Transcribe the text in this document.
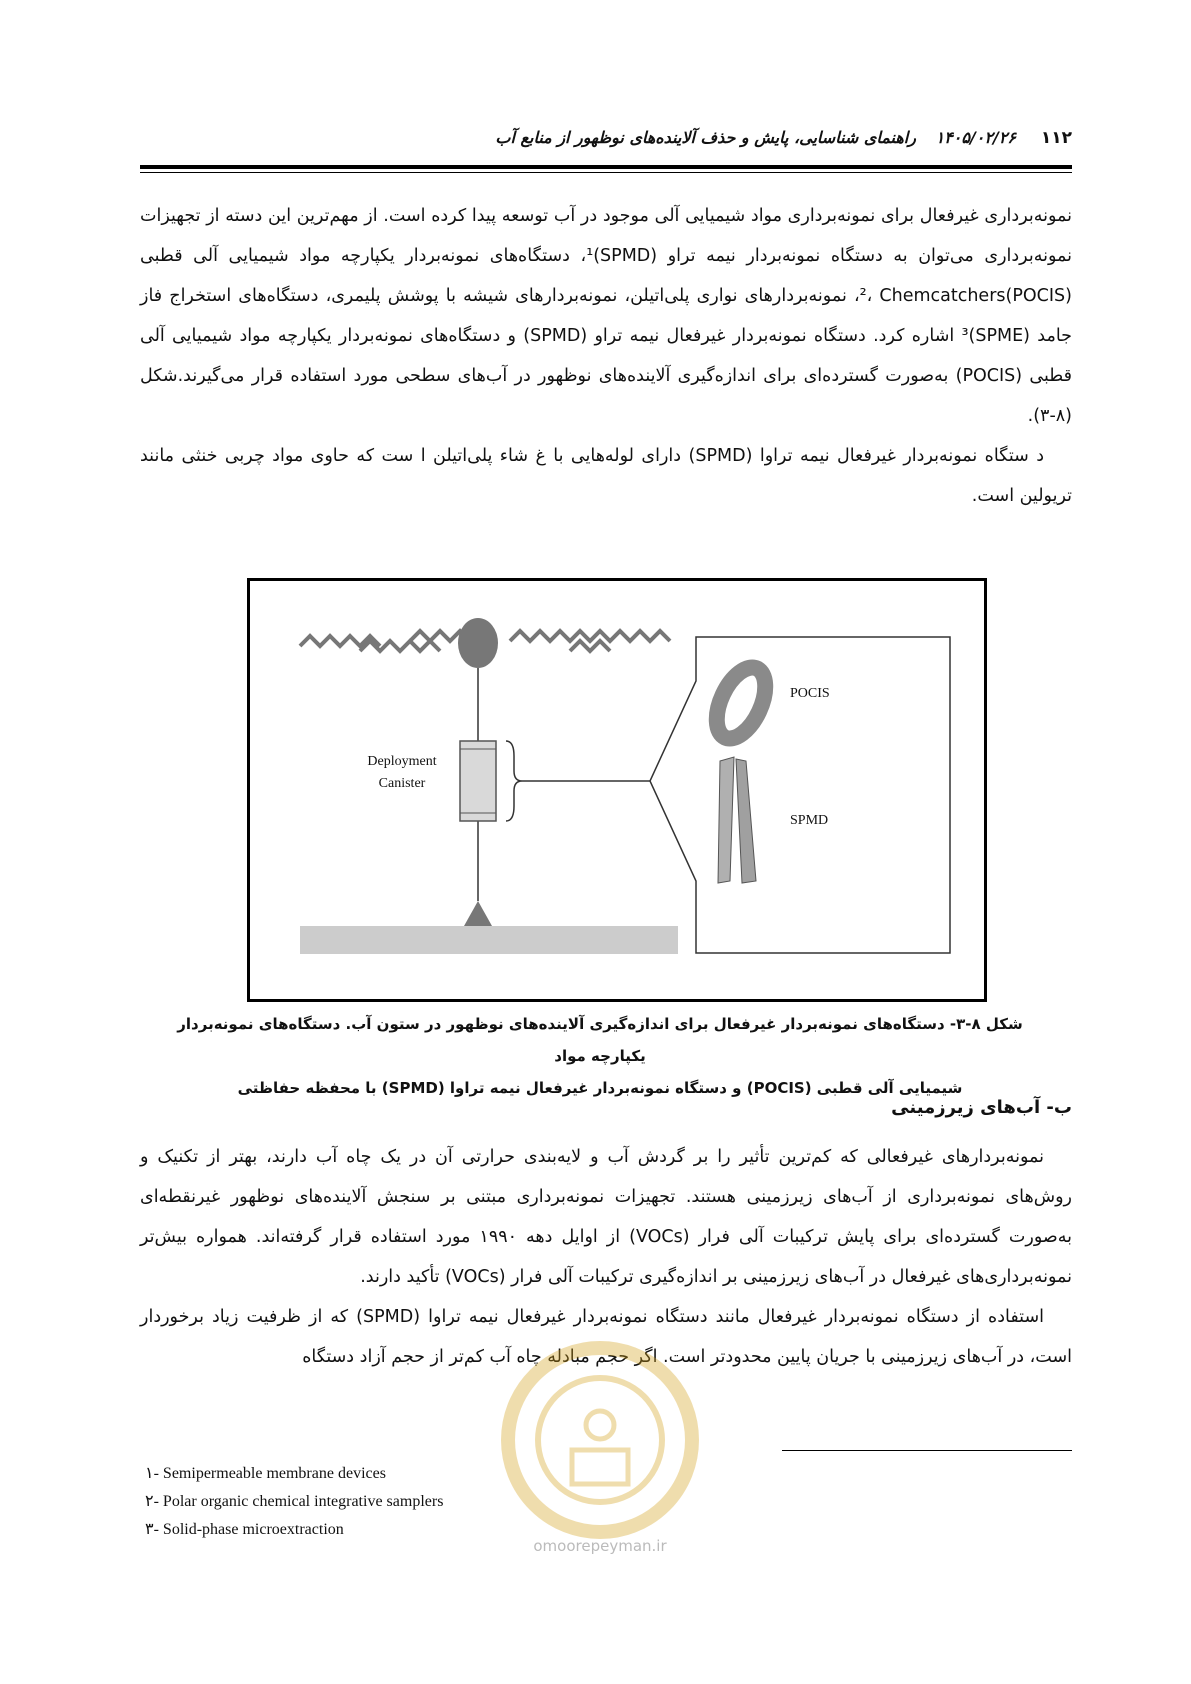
۱۱۲
۱۴۰۵/۰۲/۲۶ راهنمای شناسایی، پایش و حذف آلاینده‌های نوظهور از منابع آب

نمونه‌برداری غیرفعال برای نمونه‌برداری مواد شیمیایی آلی موجود در آب توسعه پیدا کرده است. از مهم‌ترین این دسته از تجهیزات نمونه‌برداری می‌توان به دستگاه نمونه‌بردار نیمه تراو (SPMD)¹، دستگاه‌های نمونه‌بردار یکپارچه مواد شیمیایی آلی قطبی (POCIS)²، Chemcatchers، نمونه‌بردارهای نواری پلی‌اتیلن، نمونه‌بردارهای شیشه با پوشش پلیمری، دستگاه‌های استخراج فاز جامد (SPME)³ اشاره کرد. دستگاه نمونه‌بردار غیرفعال نیمه تراو (SPMD) و دستگاه‌های نمونه‌بردار یکپارچه مواد شیمیایی آلی قطبی (POCIS) به‌صورت گسترده‌ای برای اندازه‌گیری آلاینده‌های نوظهور در آب‌های سطحی مورد استفاده قرار می‌گیرند.شکل (۸-۳).

د ستگاه نمونه‌بردار غیرفعال نیمه تراوا (SPMD) دارای لوله‌هایی با غ شاء پلی‌اتیلن ا ست که حاوی مواد چربی خنثی مانند تریولین است.

Deployment
Canister
POCIS
SPMD
شکل ۸-۳- دستگاه‌های نمونه‌بردار غیرفعال برای اندازه‌گیری آلاینده‌های نوظهور در ستون آب. دستگاه‌های نمونه‌بردار یکپارچه مواد
شیمیایی آلی قطبی (POCIS) و دستگاه نمونه‌بردار غیرفعال نیمه تراوا (SPMD) با محفظه حفاظتی
ب- آب‌های زیرزمینی

نمونه‌بردارهای غیرفعالی که کم‌ترین تأثیر را بر گردش آب و لایه‌بندی حرارتی آن در یک چاه آب دارند، بهتر از تکنیک و روش‌های نمونه‌برداری از آب‌های زیرزمینی هستند. تجهیزات نمونه‌برداری مبتنی بر سنجش آلاینده‌های نوظهور غیرنقطه‌ای به‌صورت گسترده‌ای برای پایش ترکیبات آلی فرار (VOCs) از اوایل دهه ۱۹۹۰ مورد استفاده قرار گرفته‌اند. همواره بیش‌تر نمونه‌برداری‌های غیرفعال در آب‌های زیرزمینی بر اندازه‌گیری ترکیبات آلی فرار (VOCs) تأکید دارند.

استفاده از دستگاه نمونه‌بردار غیرفعال مانند دستگاه نمونه‌بردار غیرفعال نیمه تراوا (SPMD) که از ظرفیت زیاد برخوردار است، در آب‌های زیرزمینی با جریان پایین محدودتر است. اگر حجم مبادله چاه آب کم‌تر از حجم آزاد دستگاه

omoorepeyman.ir
۱- Semipermeable membrane devices
۲- Polar organic chemical integrative samplers
۳- Solid-phase microextraction
